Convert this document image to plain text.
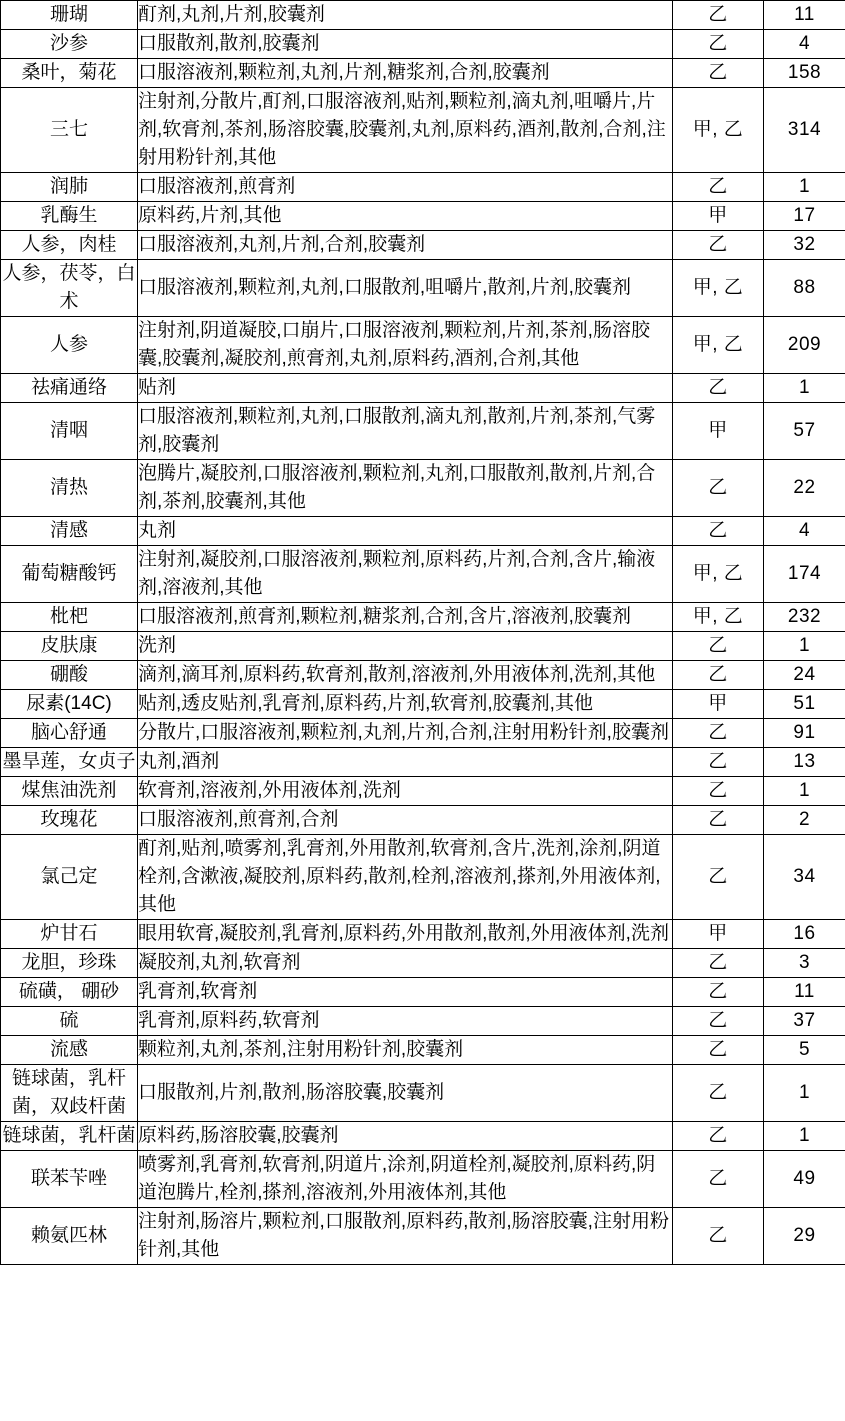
珊瑚	酊剂,丸剂,片剂,胶囊剂	乙	11
沙参	口服散剂,散剂,胶囊剂	乙	4
桑叶，菊花	口服溶液剂,颗粒剂,丸剂,片剂,糖浆剂,合剂,胶囊剂	乙	158
三七	注射剂,分散片,酊剂,口服溶液剂,贴剂,颗粒剂,滴丸剂,咀嚼片,片剂,软膏剂,茶剂,肠溶胶囊,胶囊剂,丸剂,原料药,酒剂,散剂,合剂,注射用粉针剂,其他	甲, 乙	314
润肺	口服溶液剂,煎膏剂	乙	1
乳酶生	原料药,片剂,其他	甲	17
人参，肉桂	口服溶液剂,丸剂,片剂,合剂,胶囊剂	乙	32
人参，茯苓，白术	口服溶液剂,颗粒剂,丸剂,口服散剂,咀嚼片,散剂,片剂,胶囊剂	甲, 乙	88
人参	注射剂,阴道凝胶,口崩片,口服溶液剂,颗粒剂,片剂,茶剂,肠溶胶囊,胶囊剂,凝胶剂,煎膏剂,丸剂,原料药,酒剂,合剂,其他	甲, 乙	209
祛痛通络	贴剂	乙	1
清咽	口服溶液剂,颗粒剂,丸剂,口服散剂,滴丸剂,散剂,片剂,茶剂,气雾剂,胶囊剂	甲	57
清热	泡腾片,凝胶剂,口服溶液剂,颗粒剂,丸剂,口服散剂,散剂,片剂,合剂,茶剂,胶囊剂,其他	乙	22
清感	丸剂	乙	4
葡萄糖酸钙	注射剂,凝胶剂,口服溶液剂,颗粒剂,原料药,片剂,合剂,含片,输液剂,溶液剂,其他	甲, 乙	174
枇杷	口服溶液剂,煎膏剂,颗粒剂,糖浆剂,合剂,含片,溶液剂,胶囊剂	甲, 乙	232
皮肤康	洗剂	乙	1
硼酸	滴剂,滴耳剂,原料药,软膏剂,散剂,溶液剂,外用液体剂,洗剂,其他	乙	24
尿素(14C)	贴剂,透皮贴剂,乳膏剂,原料药,片剂,软膏剂,胶囊剂,其他	甲	51
脑心舒通	分散片,口服溶液剂,颗粒剂,丸剂,片剂,合剂,注射用粉针剂,胶囊剂	乙	91
墨旱莲，女贞子	丸剂,酒剂	乙	13
煤焦油洗剂	软膏剂,溶液剂,外用液体剂,洗剂	乙	1
玫瑰花	口服溶液剂,煎膏剂,合剂	乙	2
氯己定	酊剂,贴剂,喷雾剂,乳膏剂,外用散剂,软膏剂,含片,洗剂,涂剂,阴道栓剂,含漱液,凝胶剂,原料药,散剂,栓剂,溶液剂,搽剂,外用液体剂,其他	乙	34
炉甘石	眼用软膏,凝胶剂,乳膏剂,原料药,外用散剂,散剂,外用液体剂,洗剂	甲	16
龙胆，珍珠	凝胶剂,丸剂,软膏剂	乙	3
硫磺， 硼砂	乳膏剂,软膏剂	乙	11
硫	乳膏剂,原料药,软膏剂	乙	37
流感	颗粒剂,丸剂,茶剂,注射用粉针剂,胶囊剂	乙	5
链球菌，乳杆菌，双歧杆菌	口服散剂,片剂,散剂,肠溶胶囊,胶囊剂	乙	1
链球菌，乳杆菌	原料药,肠溶胶囊,胶囊剂	乙	1
联苯苄唑	喷雾剂,乳膏剂,软膏剂,阴道片,涂剂,阴道栓剂,凝胶剂,原料药,阴道泡腾片,栓剂,搽剂,溶液剂,外用液体剂,其他	乙	49
赖氨匹林	注射剂,肠溶片,颗粒剂,口服散剂,原料药,散剂,肠溶胶囊,注射用粉针剂,其他	乙	29
